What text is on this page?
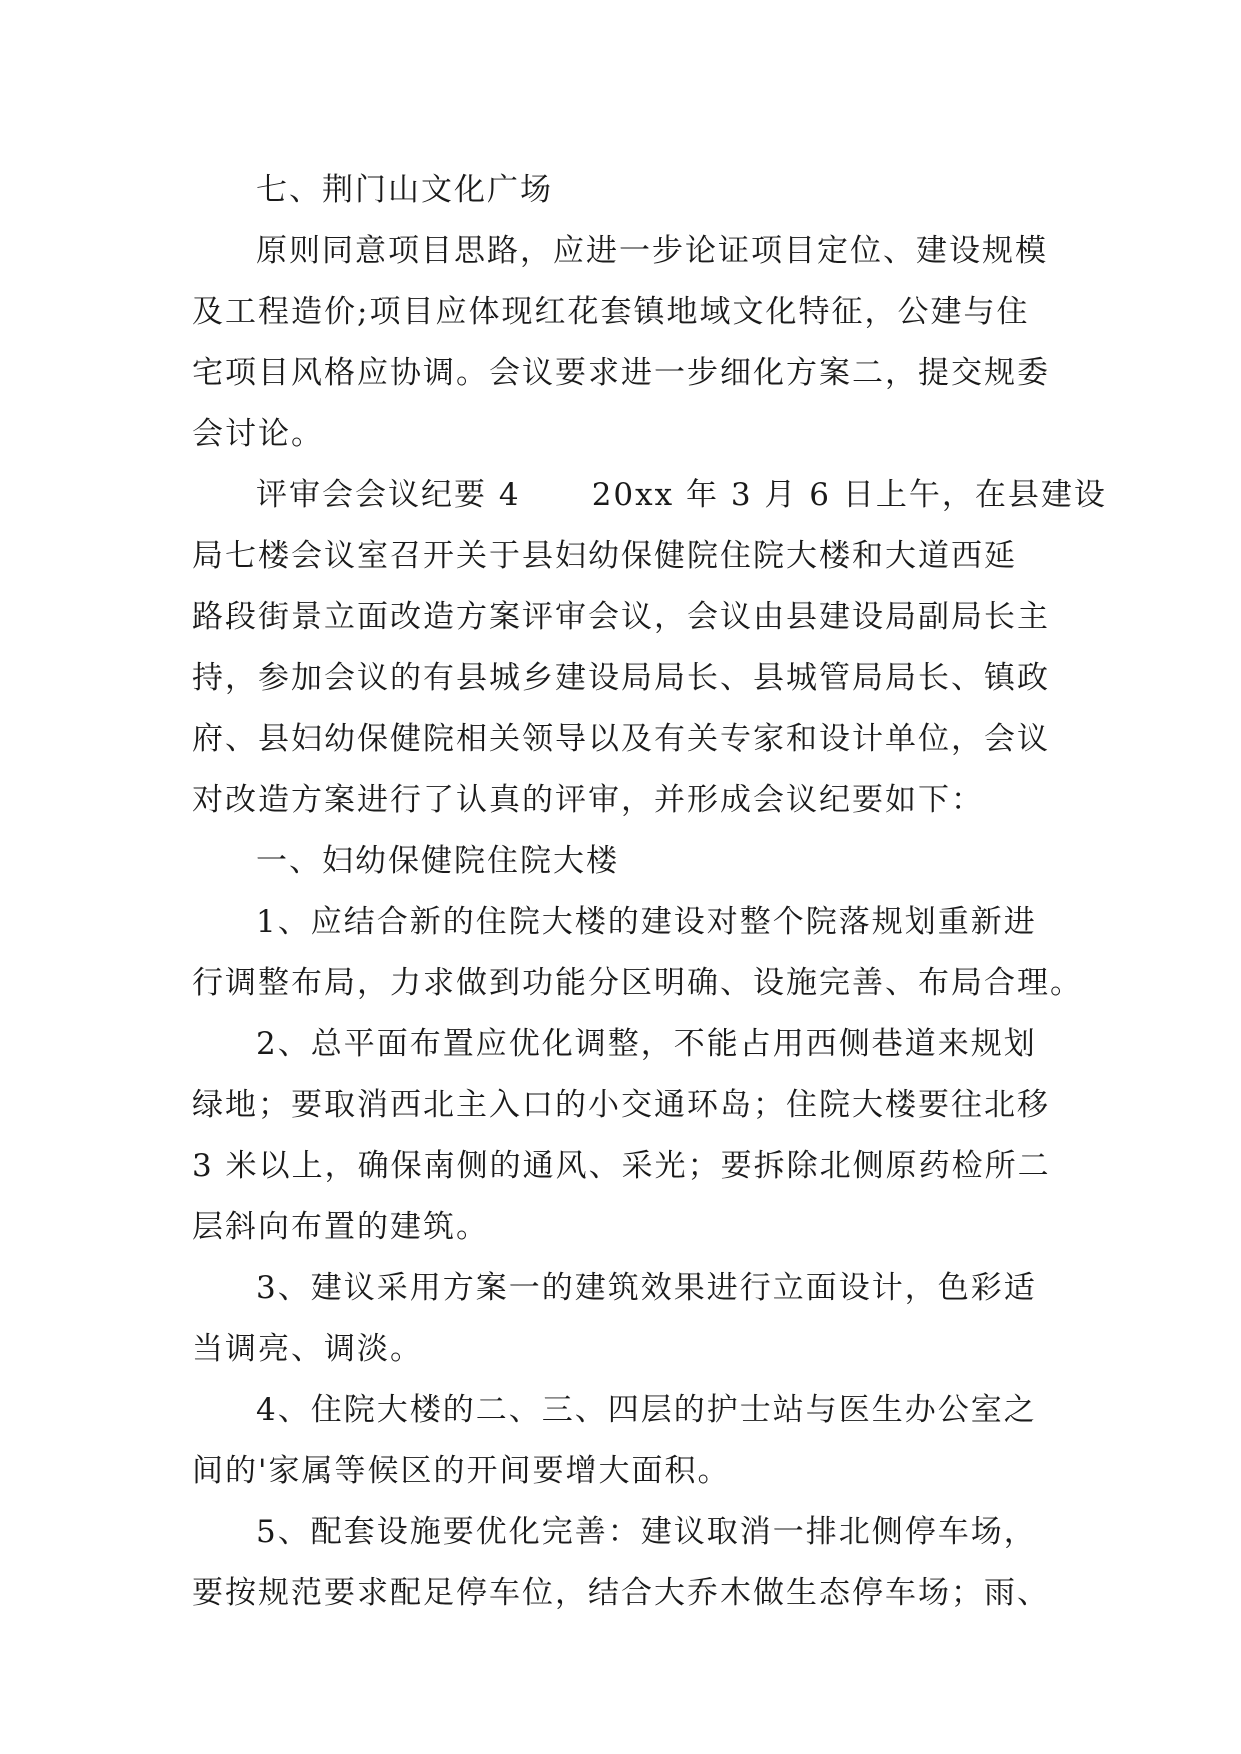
七、荆门山文化广场
原则同意项目思路，应进一步论证项目定位、建设规模
及工程造价;项目应体现红花套镇地域文化特征，公建与住
宅项目风格应协调。会议要求进一步细化方案二，提交规委
会讨论。
评审会会议纪要 4      20xx 年 3 月 6 日上午，在县建设
局七楼会议室召开关于县妇幼保健院住院大楼和大道西延
路段街景立面改造方案评审会议，会议由县建设局副局长主
持，参加会议的有县城乡建设局局长、县城管局局长、镇政
府、县妇幼保健院相关领导以及有关专家和设计单位，会议
对改造方案进行了认真的评审，并形成会议纪要如下：
一、妇幼保健院住院大楼
1、应结合新的住院大楼的建设对整个院落规划重新进
行调整布局，力求做到功能分区明确、设施完善、布局合理。
2、总平面布置应优化调整，不能占用西侧巷道来规划
绿地；要取消西北主入口的小交通环岛；住院大楼要往北移
3 米以上，确保南侧的通风、采光；要拆除北侧原药检所二
层斜向布置的建筑。
3、建议采用方案一的建筑效果进行立面设计，色彩适
当调亮、调淡。
4、住院大楼的二、三、四层的护士站与医生办公室之
间的'家属等候区的开间要增大面积。
5、配套设施要优化完善：建议取消一排北侧停车场，
要按规范要求配足停车位，结合大乔木做生态停车场；雨、
